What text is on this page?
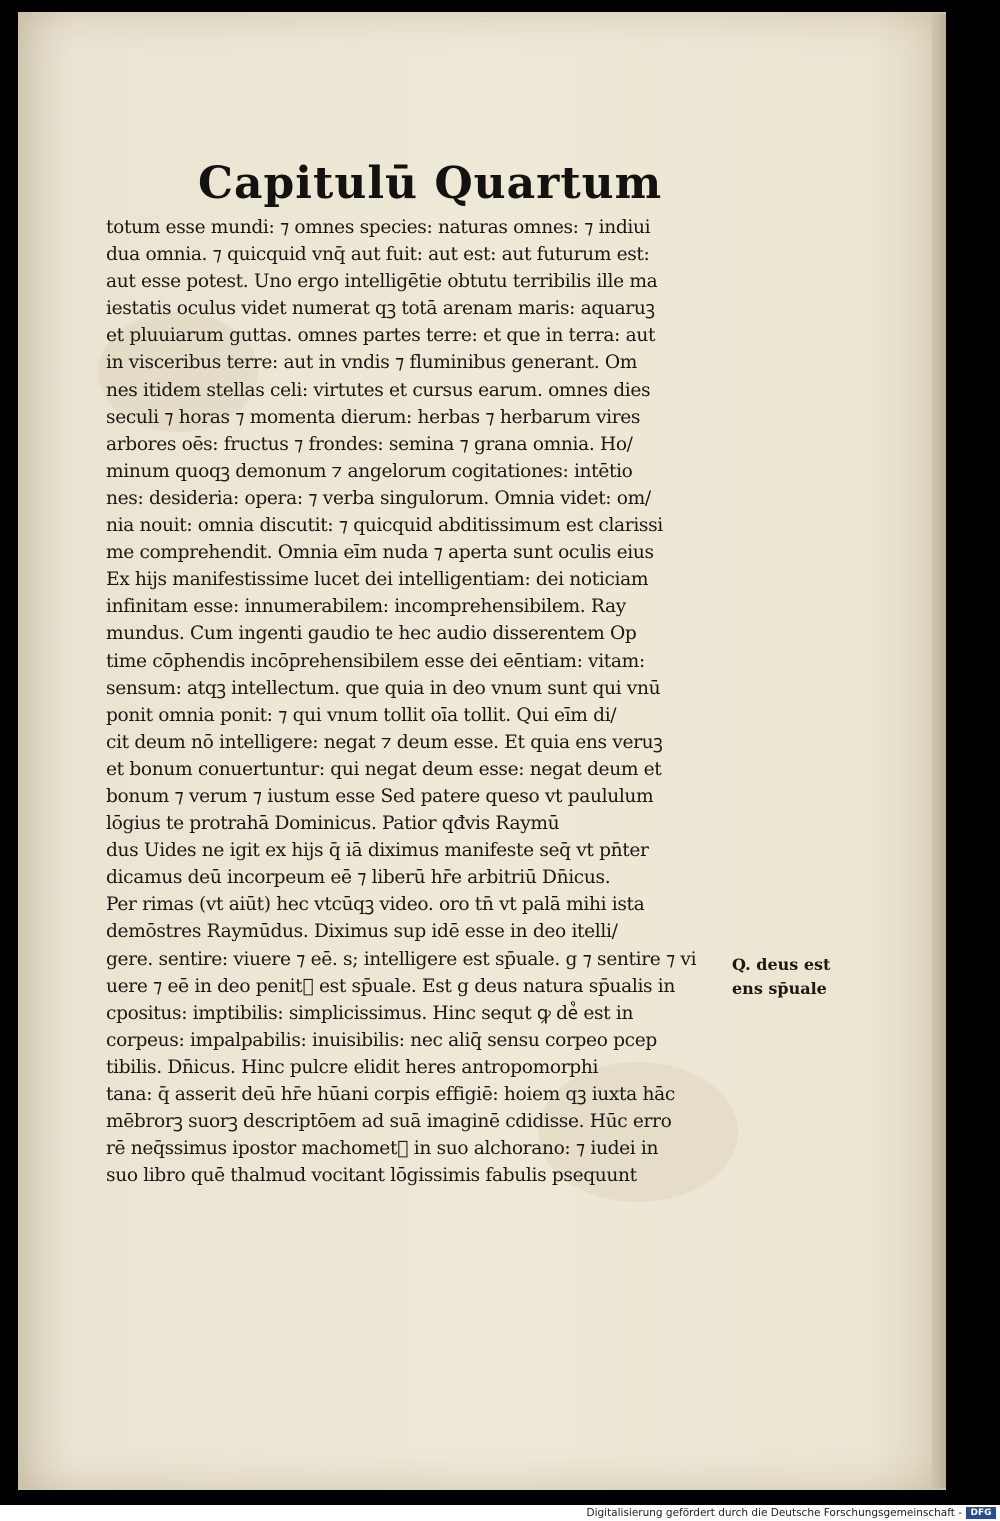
Capitulū Quartum
totum esse mundi: ⁊ omnes species: naturas omnes: ⁊ indiui
dua omnia. ⁊ quicquid vnq̄ aut fuit: aut est: aut futurum est:
aut esse potest. Uno ergo intelligētie obtutu terribilis ille ma
iestatis oculus videt numerat qꝫ totā arenam maris: aquaruꝫ
et pluuiarum guttas. omnes partes terre: et que in terra: aut
in visceribus terre: aut in vndis ⁊ fluminibus generant. Om
nes itidem stellas celi: virtutes et cursus earum. omnes dies
seculi ⁊ horas ⁊ momenta dierum: herbas ⁊ herbarum vires
arbores oēs: fructus ⁊ frondes: semina ⁊ grana omnia. Ho/
minum quoqꝫ demonum ⁊ angelorum cogitationes: intētio
nes: desideria: opera: ⁊ verba singulorum. Omnia videt: om/
nia nouit: omnia discutit: ⁊ quicquid abditissimum est clarissi
me comprehendit. Omnia eīm nuda ⁊ aperta sunt oculis eius
Ex hijs manifestissime lucet dei intelligentiam: dei noticiam
infinitam esse: innumerabilem: incomprehensibilem. Ray
mundus. Cum ingenti gaudio te hec audio disserentem Op
time cōphendis incōprehensibilem esse dei eēntiam: vitam:
sensum: atqꝫ intellectum. que quia in deo vnum sunt qui vnū
ponit omnia ponit: ⁊ qui vnum tollit oīa tollit. Qui eīm di/
cit deum nō intelligere: negat ⁊ deum esse. Et quia ens veruꝫ
et bonum conuertuntur: qui negat deum esse: negat deum et
bonum ⁊ verum ⁊ iustum esse Sed patere queso vt paululum
lōgius te protrahā Dominicus. Patior qđvis Raymū
dus Uides ne igit ex hijs q̄ iā diximus manifeste seq̄ vt pn̄ter
dicamus deū incorpeum eē ⁊ liberū hr̄e arbitriū Dn̄icus.
Per rimas (vt aiūt) hec vtcūqꝫ video. oro tn̄ vt palā mihi ista
demōstres Raymūdus. Diximus sup idē esse in deo itelli/
gere. sentire: viuere ⁊ eē. s; intelligere est sp̄uale. g ⁊ sentire ⁊ vi
uere ⁊ eē in deo penit᷒ est sp̄uale. Est g deus natura sp̄ualis in
cpositus: imptibilis: simplicissimus. Hinc sequt ꝙ de᷒ est in
corpeus: impalpabilis: inuisibilis: nec aliq̄ sensu corpeo pcep
tibilis. Dn̄icus. Hinc pulcre elidit heres antropomorphi
tana: q̄ asserit deū hr̄e hūani corpis effigiē: hoiem qꝫ iuxta hāc
mēbrorꝫ suorꝫ descriptōem ad suā imaginē cdidisse. Hūc erro
rē neq̄ssimus ipostor machomet᷒ in suo alchorano: ⁊ iudei in
suo libro quē thalmud vocitant lōgissimis fabulis psequunt
Q. deus est
ens sp̄uale
Digitalisierung gefördert durch die Deutsche Forschungsgemeinschaft - DFG
